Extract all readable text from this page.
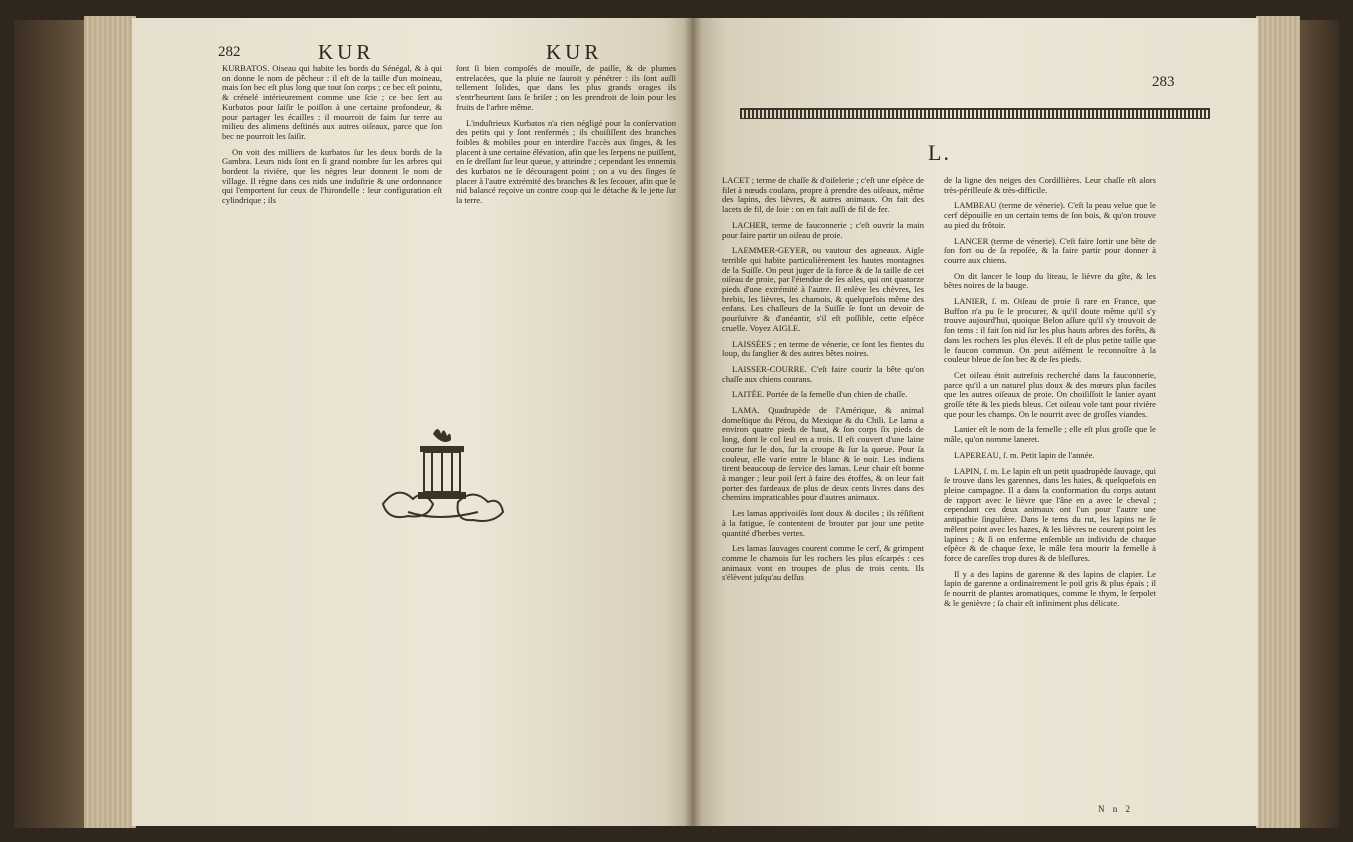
282	KUR	KUR

KURBATOS. Oiseau qui habite les bords du Sénégal, & à qui on donne le nom de pêcheur : il eſt de la taille d'un moineau, mais ſon bec eſt plus long que tout ſon corps ; ce bec eſt pointu, & crénelé intérieurement comme une ſcie ; ce bec ſert au Kurbatos pour ſaiſir le poiſſon à une certaine profondeur, & pour partager les écailles : il mourroit de faim ſur terre au milieu des alimens deſtinés aux autres oiſeaux, parce que ſon bec ne pourroit les ſaiſir.

On voit des milliers de kurbatos ſur les deux bords de la Gambra. Leurs nids ſont en ſi grand nombre ſur les arbres qui bordent la rivière, que les nègres leur donnent le nom de village. Il règne dans ces nids une induſtrie & une ordonnance qui l'emportent ſur ceux de l'hirondelle : leur configuration eſt cylindrique ; ils

ſont ſi bien compoſés de mouſſe, de paille, & de plumes entrelacées, que la pluie ne ſauroit y pénétrer : ils ſont auſſi tellement ſolides, que dans les plus grands orages ils s'entr'heurtent ſans ſe briſer ; on les prendroit de loin pour les fruits de l'arbre même.

L'induſtrieux Kurbatos n'a rien négligé pour la conſervation des petits qui y ſont renfermés ; ils choiſiſſent des branches foibles & mobiles pour en interdire l'accès aux ſinges, & les placent à une certaine élévation, afin que les ſerpens ne puiſſent, en ſe dreſſant ſur leur queue, y atteindre ; cependant les ennemis des kurbatos ne ſe découragent point ; on a vu des ſinges ſe placer à l'autre extrémité des branches & les ſecouer, afin que le nid balancé reçoive un contre coup qui le détache & le jette ſur la terre.

283
L.

LACET ; terme de chaſſe & d'oiſelerie ; c'eſt une eſpèce de filet à nœuds coulans, propre à prendre des oiſeaux, même des lapins, des lièvres, & autres animaux. On fait des lacets de fil, de ſoie : on en fait auſſi de fil de fer.

LACHER, terme de fauconnerie ; c'eſt ouvrir la main pour faire partir un oiſeau de proie.

LAEMMER-GEYER, ou vautour des agneaux. Aigle terrible qui habite particulièrement les hautes montagnes de la Suiſſe. On peut juger de ſa force & de la taille de cet oiſeau de proie, par l'étendue de ſes ailes, qui ont quatorze pieds d'une extrémité à l'autre. Il enlève les chèvres, les brebis, les lièvres, les chamois, & quelquefois même des enfans. Les chaſſeurs de la Suiſſe ſe font un devoir de pourſuivre & d'anéantir, s'il eſt poſſible, cette eſpèce cruelle. Voyez AIGLE.

LAISSÉES ; en terme de vénerie, ce ſont les fientes du loup, du ſanglier & des autres bêtes noires.

LAISSER-COURRE. C'eſt faire courir la bête qu'on chaſſe aux chiens courans.

LAITÉE. Portée de la femelle d'un chien de chaſſe.

LAMA. Quadrupède de l'Amérique, & animal domeſtique du Pérou, du Mexique & du Chili. Le lama a environ quatre pieds de haut, & ſon corps ſix pieds de long, dont le col ſeul en a trois. Il eſt couvert d'une laine courte ſur le dos, ſur la croupe & ſur la queue. Pour ſa couleur, elle varie entre le blanc & le noir. Les indiens tirent beaucoup de ſervice des lamas. Leur chair eſt bonne à manger ; leur poil ſert à faire des étoffes, & on leur fait porter des fardeaux de plus de deux cents livres dans des chemins impraticables pour d'autres animaux.

Les lamas apprivoiſés ſont doux & dociles ; ils réſiſtent à la fatigue, ſe contentent de brouter par jour une petite quantité d'herbes vertes.

Les lamas ſauvages courent comme le cerf, & grimpent comme le chamois ſur les rochers les plus eſcarpés : ces animaux vont en troupes de plus de trois cents. Ils s'élèvent juſqu'au deſſus

de la ligne des neiges des Cordillières. Leur chaſſe eſt alors très-périlleuſe & très-difficile.

LAMBEAU (terme de vénerie). C'eſt la peau veluе que le cerf dépouille en un certain tems de ſon bois, & qu'on trouve au pied du frôtoir.

LANCER (terme de vénerie). C'eſt faire ſortir une bête de ſon fort ou de ſa repoſée, & la faire partir pour donner à courre aux chiens.

On dit lancer le loup du liteau, le lièvre du gîte, & les bêtes noires de la bauge.

LANIER, ſ. m. Oiſeau de proie ſi rare en France, que Buffon n'a pu ſe le procurer, & qu'il doute même qu'il s'y trouve aujourd'hui, quoique Belon aſſure qu'il s'y trouvoit de ſon tems : il fait ſon nid ſur les plus hauts arbres des forêts, & dans les rochers les plus élevés. Il eſt de plus petite taille que le faucon commun. On peut aiſément le reconnoître à la couleur bleue de ſon bec & de ſes pieds.

Cet oiſeau étoit autrefois recherché dans la fauconnerie, parce qu'il a un naturel plus doux & des mœurs plus faciles que les autres oiſeaux de proie. On choiſiſſoit le lanier ayant groſſe tête & les pieds bleus. Cet oiſeau vole tant pour rivière que pour les champs. On le nourrit avec de groſſes viandes.

Lanier eſt le nom de la femelle ; elle eſt plus groſſe que le mâle, qu'on nomme laneret.

LAPEREAU, ſ. m. Petit lapin de l'année.

LAPIN, ſ. m. Le lapin eſt un petit quadrupède ſauvage, qui ſe trouve dans les garennes, dans les haies, & quelquefois en pleine campagne. Il a dans la conformation du corps autant de rapport avec le lièvre que l'âne en a avec le cheval ; cependant ces deux animaux ont l'un pour l'autre une antipathie ſingulière. Dans le tems du rut, les lapins ne ſe mêlent point avec les hazes, & les lièvres ne courent point les lapines ; & ſi on enferme enſemble un individu de chaque eſpèce & de chaque ſexe, le mâle fera mourir la femelle à force de careſſes trop dures & de bleſſures.

Il y a des lapins de garenne & des lapins de clapier. Le lapin de garenne a ordinairement le poil gris & plus épais ; il ſe nourrit de plantes aromatiques, comme le thym, le ſerpolet & le genièvre ; ſa chair eſt infiniment plus délicate.

N n 2
